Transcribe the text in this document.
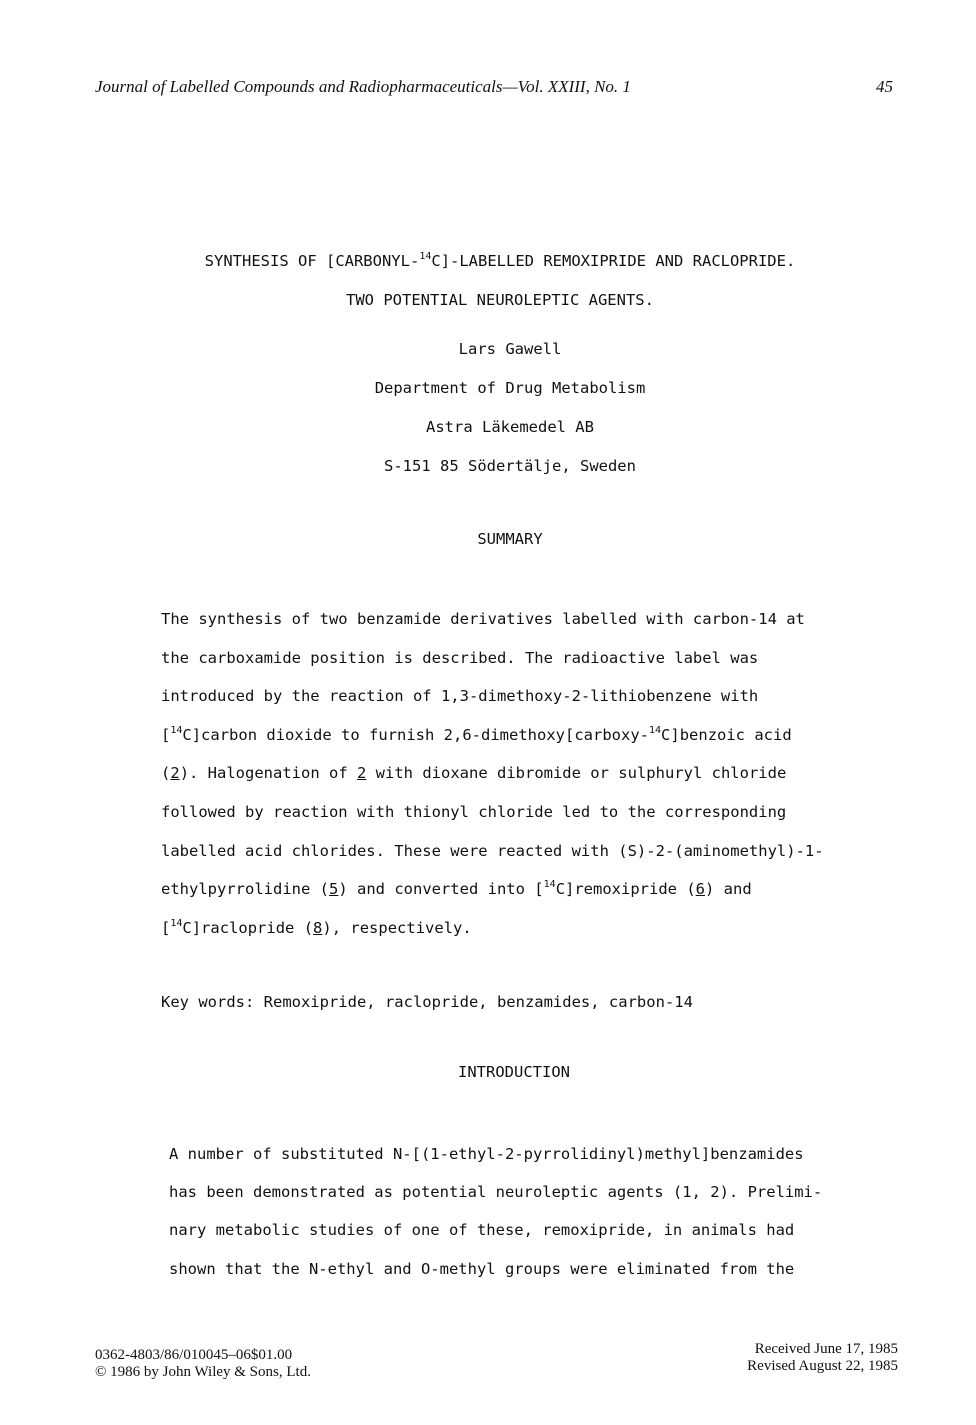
Journal of Labelled Compounds and Radiopharmaceuticals—Vol. XXIII, No. 1	45
SYNTHESIS OF [CARBONYL-$^{14}$C]-LABELLED REMOXIPRIDE AND RACLOPRIDE.
TWO POTENTIAL NEUROLEPTIC AGENTS.
Lars Gawell
Department of Drug Metabolism
Astra Läkemedel AB
S-151 85 Södertälje, Sweden
SUMMARY
The synthesis of two benzamide derivatives labelled with carbon-14 at
the carboxamide position is described. The radioactive label was
introduced by the reaction of 1,3-dimethoxy-2-lithiobenzene with
[$^{14}$C]carbon dioxide to furnish 2,6-dimethoxy[carboxy-$^{14}$C]benzoic acid
(2). Halogenation of 2 with dioxane dibromide or sulphuryl chloride
followed by reaction with thionyl chloride led to the corresponding
labelled acid chlorides. These were reacted with (S)-2-(aminomethyl)-1-
ethylpyrrolidine (5) and converted into [$^{14}$C]remoxipride (6) and
[$^{14}$C]raclopride (8), respectively.
Key words: Remoxipride, raclopride, benzamides, carbon-14
INTRODUCTION
A number of substituted N-[(1-ethyl-2-pyrrolidinyl)methyl]benzamides
has been demonstrated as potential neuroleptic agents (1, 2). Prelimi-
nary metabolic studies of one of these, remoxipride, in animals had
shown that the N-ethyl and O-methyl groups were eliminated from the
0362-4803/86/010045–06$01.00
© 1986 by John Wiley & Sons, Ltd.
Received June 17, 1985
Revised August 22, 1985
